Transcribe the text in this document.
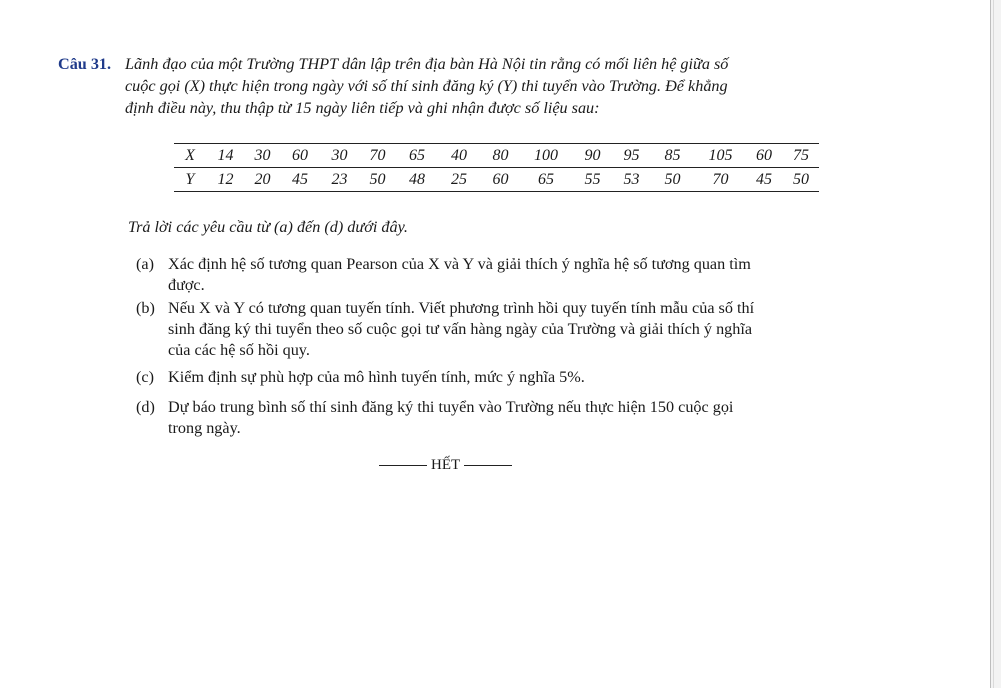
Câu 31. Lãnh đạo của một Trường THPT dân lập trên địa bàn Hà Nội tin rằng có mối liên hệ giữa số
cuộc gọi (X) thực hiện trong ngày với số thí sinh đăng ký (Y) thi tuyển vào Trường. Để khẳng
định điều này, thu thập từ 15 ngày liên tiếp và ghi nhận được số liệu sau:
X	14	30	60	30	70	65	40	80	100	90	95	85	105	60	75
Y	12	20	45	23	50	48	25	60	65	55	53	50	70	45	50
Trả lời các yêu cầu từ (a) đến (d) dưới đây.
(a) Xác định hệ số tương quan Pearson của X và Y và giải thích ý nghĩa hệ số tương quan tìm
được.
(b) Nếu X và Y có tương quan tuyến tính. Viết phương trình hồi quy tuyến tính mẫu của số thí
sinh đăng ký thi tuyển theo số cuộc gọi tư vấn hàng ngày của Trường và giải thích ý nghĩa
của các hệ số hồi quy.
(c) Kiểm định sự phù hợp của mô hình tuyến tính, mức ý nghĩa 5%.
(d) Dự báo trung bình số thí sinh đăng ký thi tuyển vào Trường nếu thực hiện 150 cuộc gọi
trong ngày.
HẾT
